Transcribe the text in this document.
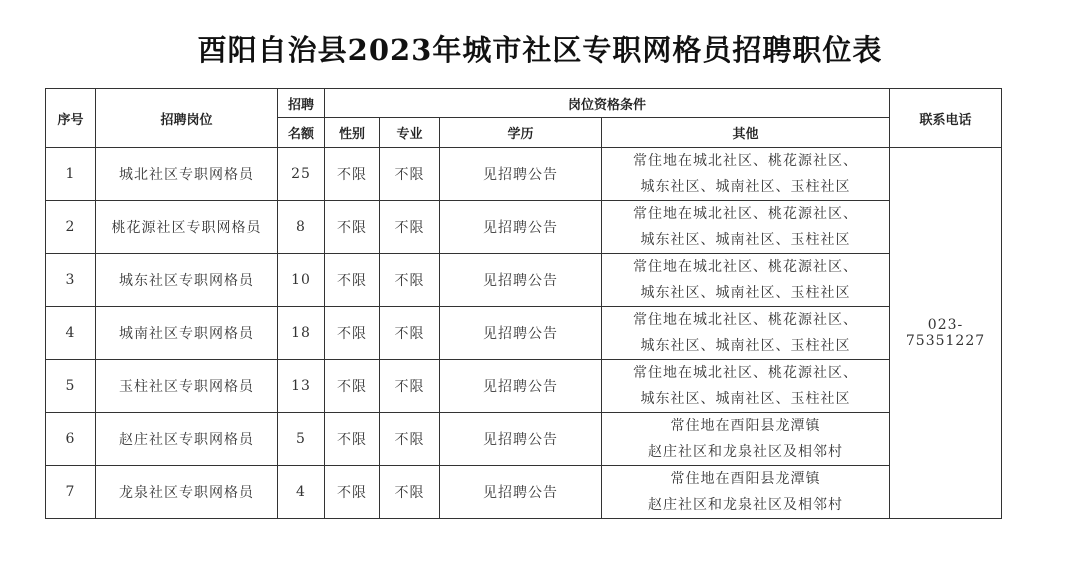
酉阳自治县2023年城市社区专职网格员招聘职位表
序号	招聘岗位	招聘	岗位资格条件				联系电话
		名额	性别	专业	学历	其他	
1	城北社区专职网格员	25	不限	不限	见招聘公告	常住地在城北社区、桃花源社区、
城东社区、城南社区、玉柱社区	023-75351227
2	桃花源社区专职网格员	8	不限	不限	见招聘公告	常住地在城北社区、桃花源社区、
城东社区、城南社区、玉柱社区	

3	城东社区专职网格员	10	不限	不限	见招聘公告	常住地在城北社区、桃花源社区、
城东社区、城南社区、玉柱社区	

4	城南社区专职网格员	18	不限	不限	见招聘公告	常住地在城北社区、桃花源社区、
城东社区、城南社区、玉柱社区	

5	玉柱社区专职网格员	13	不限	不限	见招聘公告	常住地在城北社区、桃花源社区、
城东社区、城南社区、玉柱社区	

6	赵庄社区专职网格员	5	不限	不限	见招聘公告	常住地在酉阳县龙潭镇
赵庄社区和龙泉社区及相邻村	

7	龙泉社区专职网格员	4	不限	不限	见招聘公告	常住地在酉阳县龙潭镇
赵庄社区和龙泉社区及相邻村	
